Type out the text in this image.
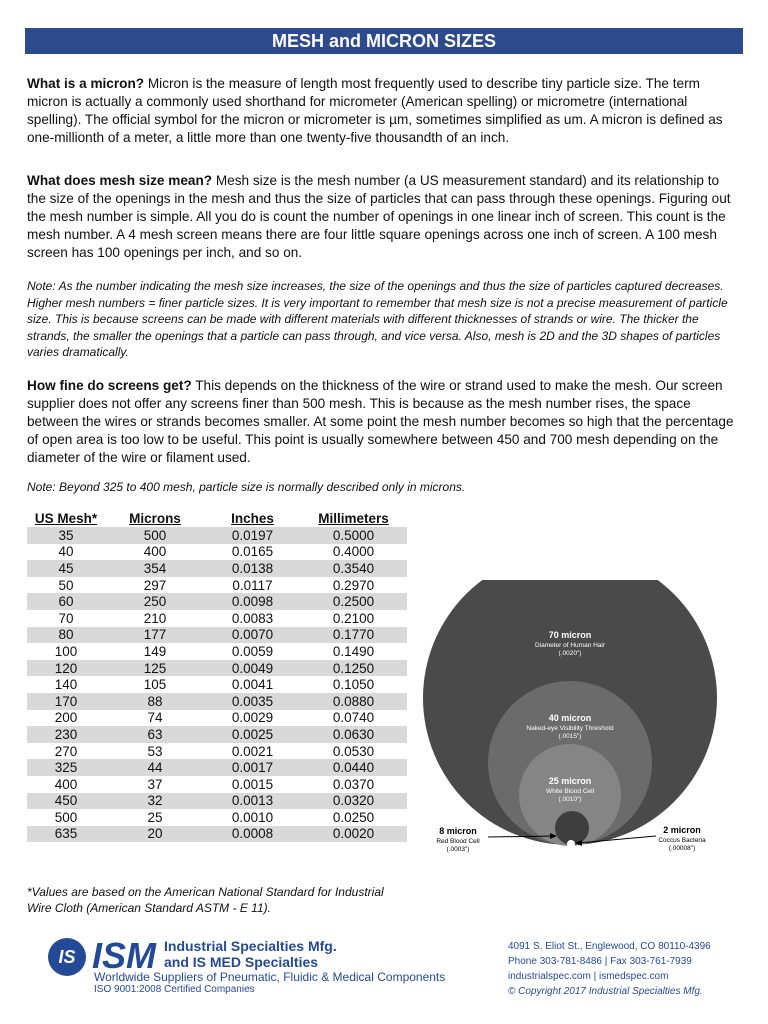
MESH and MICRON SIZES

What is a micron? Micron is the measure of length most frequently used to describe tiny particle size. The term micron is actually a commonly used shorthand for micrometer (American spelling) or micrometre (international spelling). The official symbol for the micron or micrometer is µm, sometimes simplified as um. A micron is defined as one-millionth of a meter, a little more than one twenty-five thousandth of an inch.

What does mesh size mean? Mesh size is the mesh number (a US measurement standard) and its relationship to the size of the openings in the mesh and thus the size of particles that can pass through these openings. Figuring out the mesh number is simple. All you do is count the number of openings in one linear inch of screen. This count is the mesh number. A 4 mesh screen means there are four little square openings across one inch of screen. A 100 mesh screen has 100 openings per inch, and so on.

Note: As the number indicating the mesh size increases, the size of the openings and thus the size of particles captured decreases. Higher mesh numbers = finer particle sizes. It is very important to remember that mesh size is not a precise measurement of particle size. This is because screens can be made with different materials with different thicknesses of strands or wire. The thicker the strands, the smaller the openings that a particle can pass through, and vice versa. Also, mesh is 2D and the 3D shapes of particles varies dramatically.

How fine do screens get? This depends on the thickness of the wire or strand used to make the mesh. Our screen supplier does not offer any screens finer than 500 mesh. This is because as the mesh number rises, the space between the wires or strands becomes smaller. At some point the mesh number becomes so high that the percentage of open area is too low to be useful. This point is usually somewhere between 450 and 700 mesh depending on the diameter of the wire or filament used.

Note: Beyond 325 to 400 mesh, particle size is normally described only in microns.

US Mesh*	Microns	Inches	Millimeters
35	500	0.0197	0.5000
40	400	0.0165	0.4000
45	354	0.0138	0.3540
50	297	0.0117	0.2970
60	250	0.0098	0.2500
70	210	0.0083	0.2100
80	177	0.0070	0.1770
100	149	0.0059	0.1490
120	125	0.0049	0.1250
140	105	0.0041	0.1050
170	88	0.0035	0.0880
200	74	0.0029	0.0740
230	63	0.0025	0.0630
270	53	0.0021	0.0530
325	44	0.0017	0.0440
400	37	0.0015	0.0370
450	32	0.0013	0.0320
500	25	0.0010	0.0250
635	20	0.0008	0.0020

*Values are based on the American National Standard for Industrial Wire Cloth (American Standard ASTM - E 11).

70 micron
Diameter of Human Hair
(.0020")
40 micron
Naked-eye Visibility Threshold
(.0015")
25 micron
White Blood Cell
(.0010")
8 micron
Red Blood Cell
(.0003")
2 micron
Coccus Bacteria
(.00008")
IS ISM Industrial Specialties Mfg.
and IS MED Specialties
Worldwide Suppliers of Pneumatic, Fluidic & Medical Components
ISO 9001:2008 Certified Companies
4091 S. Eliot St., Englewood, CO 80110-4396
Phone 303-781-8486 | Fax 303-761-7939
industrialspec.com | ismedspec.com
© Copyright 2017 Industrial Specialties Mfg.
